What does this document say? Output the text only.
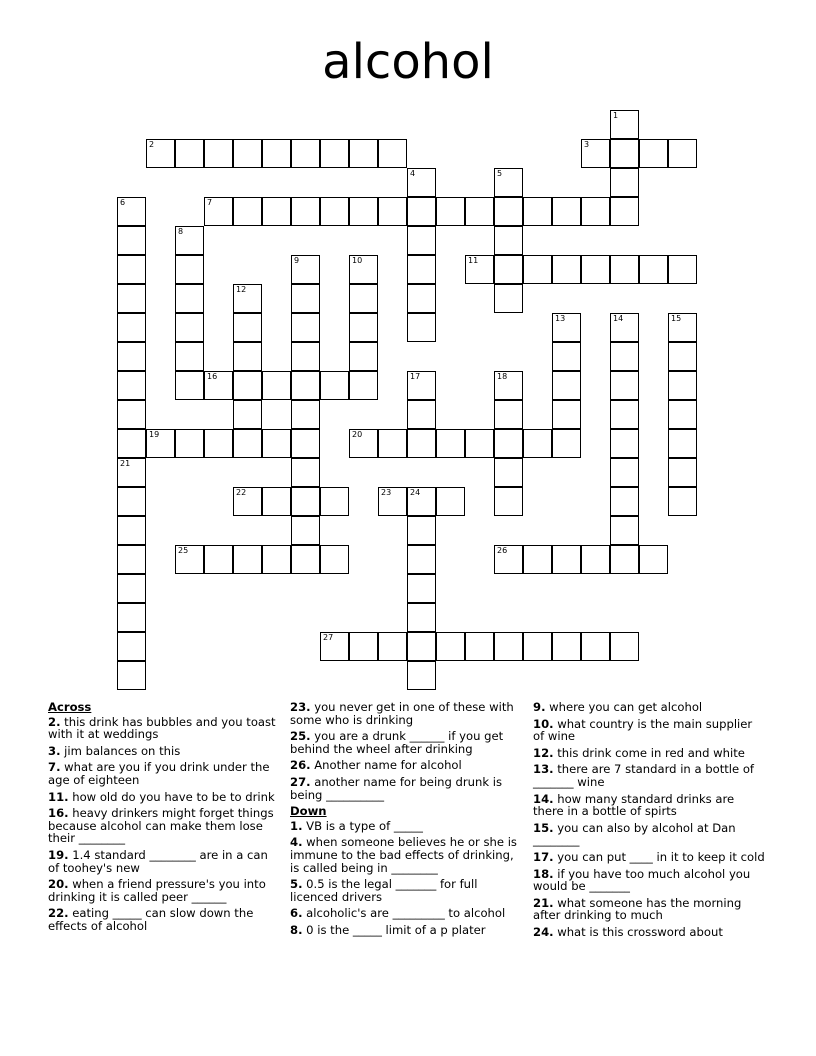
alcohol
1
2	3
4	5
6	7
8
9	10	11
12
13	14	15
16	17	18
19	20
21
22	23 24
25	26
27
Across
2. this drink has bubbles and you toast with it at weddings
3. jim balances on this
7. what are you if you drink under the age of eighteen
11. how old do you have to be to drink
16. heavy drinkers might forget things because alcohol can make them lose their ________
19. 1.4 standard ________ are in a can of toohey's new
20. when a friend pressure's you into drinking it is called peer ______
22. eating _____ can slow down the effects of alcohol
23. you never get in one of these with some who is drinking
25. you are a drunk ______ if you get behind the wheel after drinking
26. Another name for alcohol
27. another name for being drunk is being __________
Down
1. VB is a type of _____
4. when someone believes he or she is immune to the bad effects of drinking, is called being in ________
5. 0.5 is the legal _______ for full licenced drivers
6. alcoholic's are _________ to alcohol
8. 0 is the _____ limit of a p plater
9. where you can get alcohol
10. what country is the main supplier of wine
12. this drink come in red and white
13. there are 7 standard in a bottle of _______ wine
14. how many standard drinks are there in a bottle of spirts
15. you can also by alcohol at Dan ________
17. you can put ____ in it to keep it cold
18. if you have too much alcohol you would be _______
21. what someone has the morning after drinking to much
24. what is this crossword about
